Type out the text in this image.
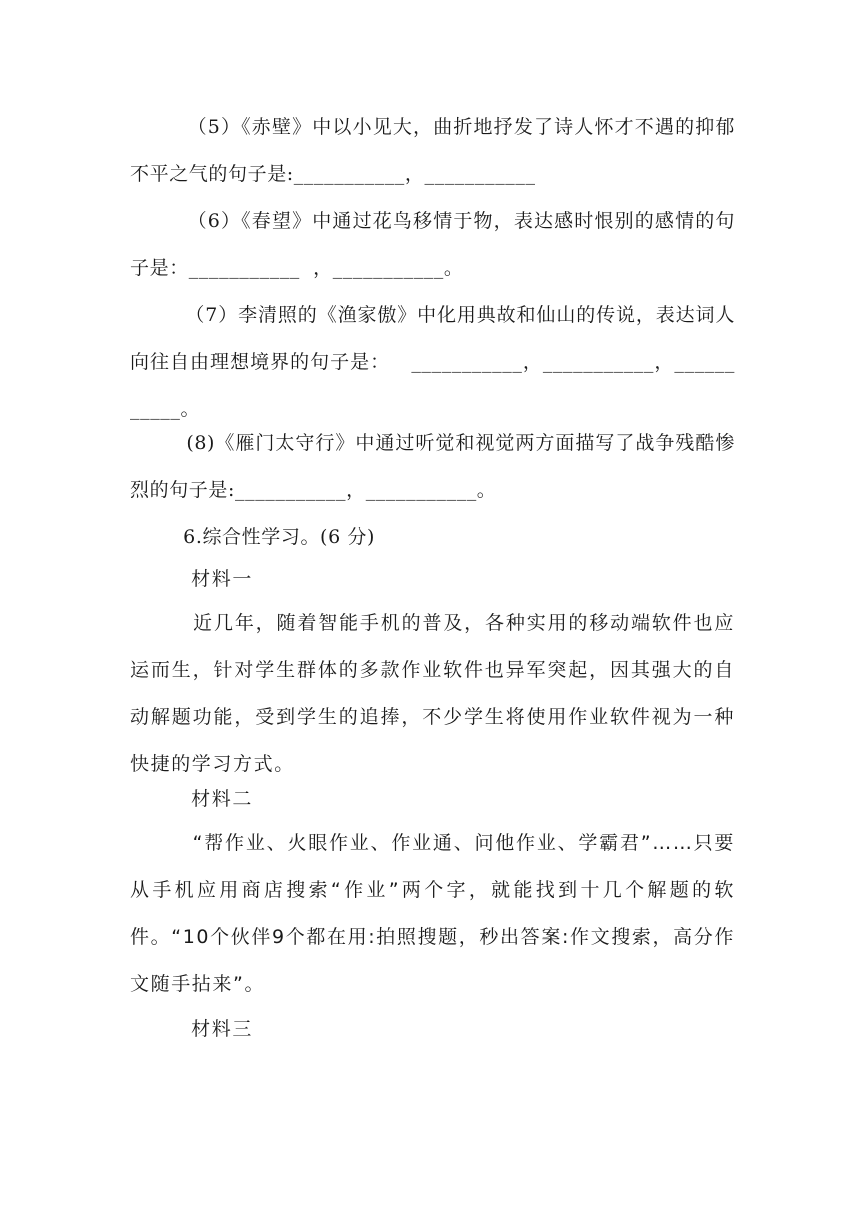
（5）《赤壁》中以小见大，曲折地抒发了诗人怀才不遇的抑郁不平之气的句子是:___________，___________

（6）《春望》中通过花鸟移情于物，表达感时恨别的感情的句子是：___________  ，___________。

（7）李清照的《渔家傲》中化用典故和仙山的传说，表达词人向往自由理想境界的句子是：   ___________，___________，___________。

(8)《雁门太守行》中通过听觉和视觉两方面描写了战争残酷惨烈的句子是:___________，___________。

6.综合性学习。(6 分)

材料一

近几年，随着智能手机的普及，各种实用的移动端软件也应运而生，针对学生群体的多款作业软件也异军突起，因其强大的自动解题功能，受到学生的追捧，不少学生将使用作业软件视为一种快捷的学习方式。

材料二

“帮作业、火眼作业、作业通、问他作业、学霸君”……只要从手机应用商店搜索“作业”两个字，就能找到十几个解题的软件。“10个伙伴9个都在用:拍照搜题，秒出答案:作文搜索，高分作文随手拈来”。

材料三
